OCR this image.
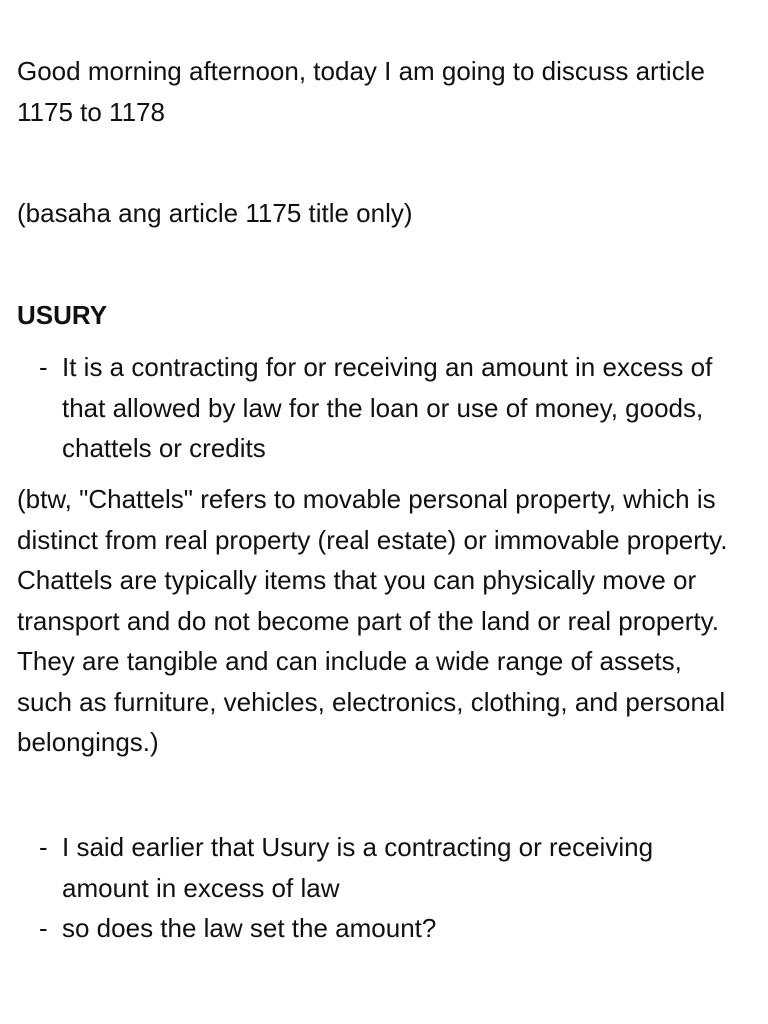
Good morning afternoon, today I am going to discuss article 1175 to 1178

(basaha ang article 1175 title only)

USURY

- It is a contracting for or receiving an amount in excess of that allowed by law for the loan or use of money, goods, chattels or credits

(btw, "Chattels" refers to movable personal property, which is distinct from real property (real estate) or immovable property. Chattels are typically items that you can physically move or transport and do not become part of the land or real property. They are tangible and can include a wide range of assets, such as furniture, vehicles, electronics, clothing, and personal belongings.)

- I said earlier that Usury is a contracting or receiving amount in excess of law
- so does the law set the amount?
